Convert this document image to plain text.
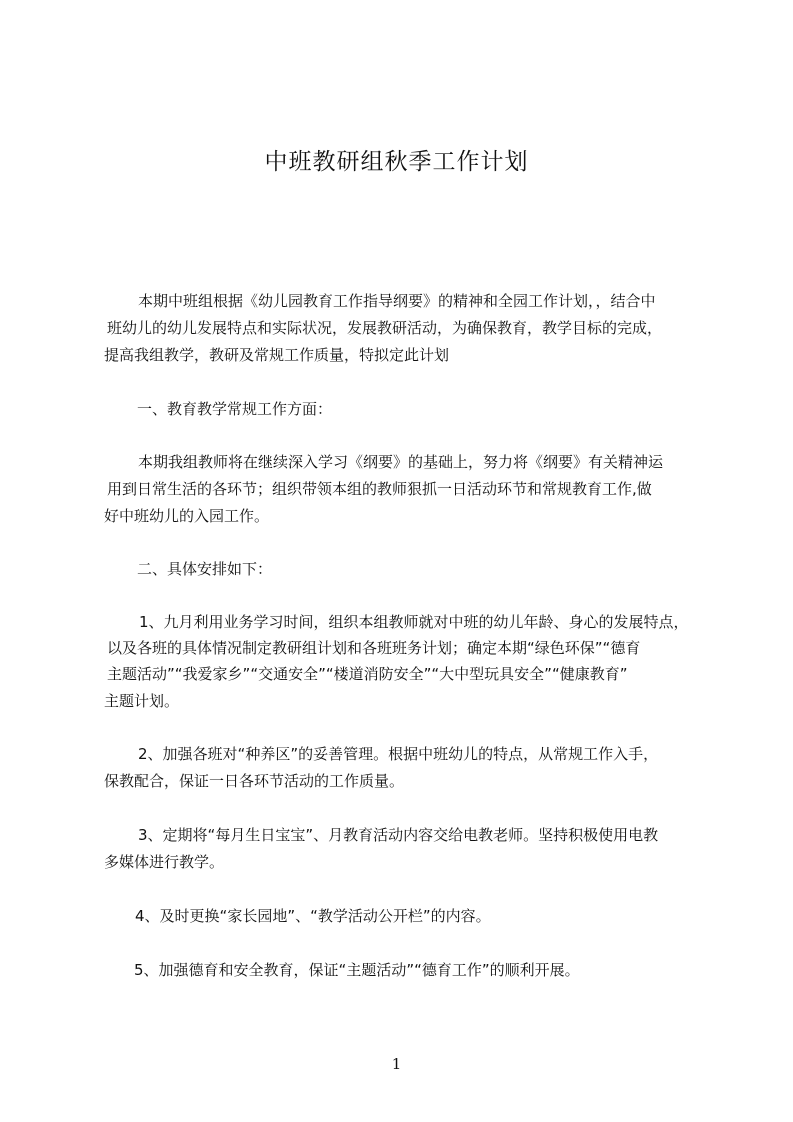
中班教研组秋季工作计划
本期中班组根据《幼儿园教育工作指导纲要》的精神和全园工作计划，，结合中
班幼儿的幼儿发展特点和实际状况，发展教研活动，为确保教育，教学目标的完成，
提高我组教学，教研及常规工作质量，特拟定此计划
一、教育教学常规工作方面：
本期我组教师将在继续深入学习《纲要》的基础上，努力将《纲要》有关精神运
用到日常生活的各环节；组织带领本组的教师狠抓一日活动环节和常规教育工作,做
好中班幼儿的入园工作。
二、具体安排如下：
1、九月利用业务学习时间，组织本组教师就对中班的幼儿年龄、身心的发展特点，
以及各班的具体情况制定教研组计划和各班班务计划；确定本期“绿色环保”“德育
主题活动”“我爱家乡”“交通安全”“楼道消防安全”“大中型玩具安全”“健康教育”
主题计划。
2、加强各班对“种养区”的妥善管理。根据中班幼儿的特点，从常规工作入手，
保教配合，保证一日各环节活动的工作质量。
3、定期将“每月生日宝宝”、月教育活动内容交给电教老师。坚持积极使用电教
多媒体进行教学。
4、及时更换“家长园地”、“教学活动公开栏”的内容。
5、加强德育和安全教育，保证“主题活动”“德育工作”的顺利开展。
1
